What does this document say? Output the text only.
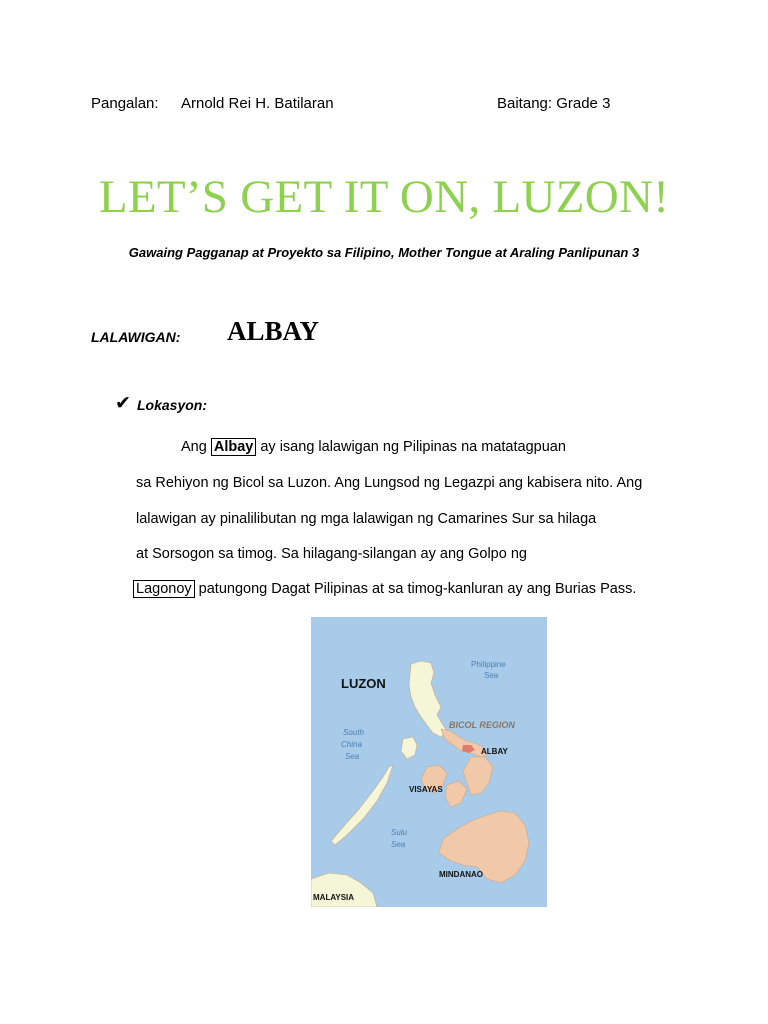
Pangalan: Arnold Rei H. Batilaran	Baitang: Grade 3
LET’S GET IT ON, LUZON!
Gawaing Pagganap at Proyekto sa Filipino, Mother Tongue at Araling Panlipunan 3
LALAWIGAN: ALBAY
✔ Lokasyon:
Ang Albay ay isang lalawigan ng Pilipinas na matatagpuan
sa Rehiyon ng Bicol sa Luzon. Ang Lungsod ng Legazpi ang kabisera nito. Ang
lalawigan ay pinalilibutan ng mga lalawigan ng Camarines Sur sa hilaga
at Sorsogon sa timog. Sa hilagang-silangan ay ang Golpo ng
Lagonoy patungong Dagat Pilipinas at sa timog-kanluran ay ang Burias Pass.
LUZON
Philippine
Sea
South
China
Sea
BICOL REGION
ALBAY
VISAYAS
Sulu
Sea
MINDANAO
MALAYSIA
